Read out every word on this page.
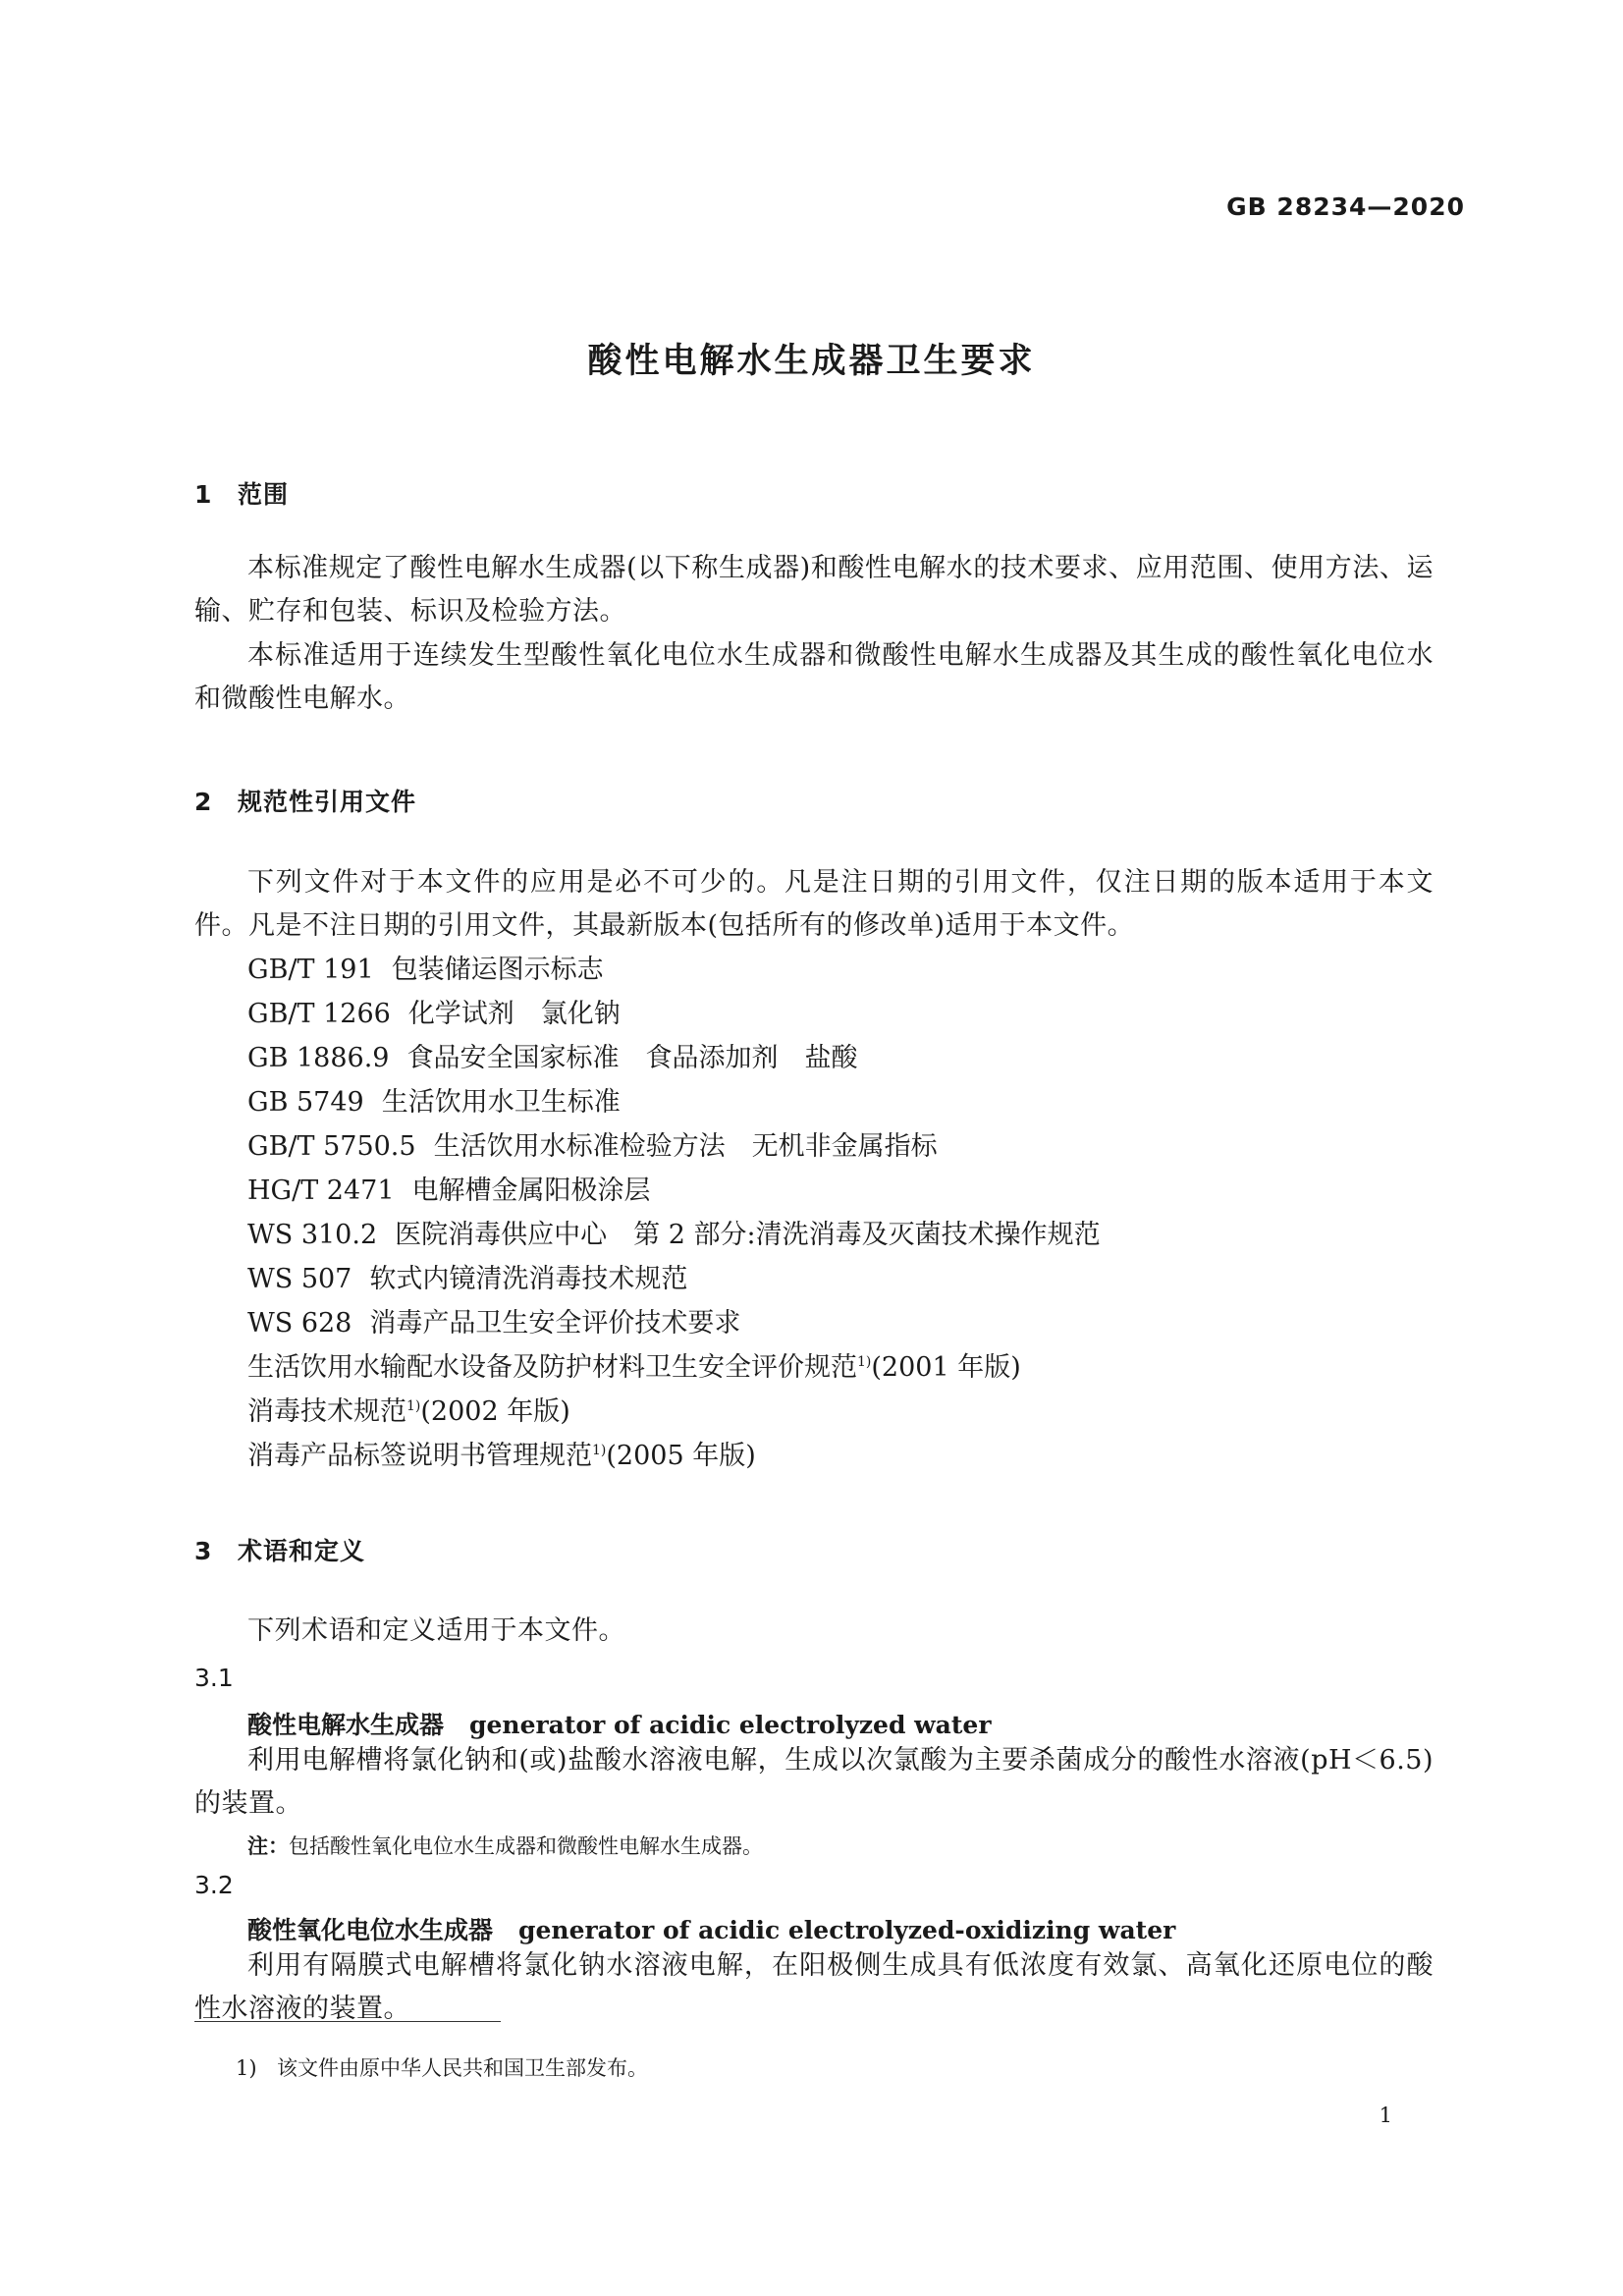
GB 28234—2020
酸性电解水生成器卫生要求
1 范围

本标准规定了酸性电解水生成器(以下称生成器)和酸性电解水的技术要求、应用范围、使用方法、运输、贮存和包装、标识及检验方法。

本标准适用于连续发生型酸性氧化电位水生成器和微酸性电解水生成器及其生成的酸性氧化电位水和微酸性电解水。

2 规范性引用文件

下列文件对于本文件的应用是必不可少的。凡是注日期的引用文件，仅注日期的版本适用于本文件。凡是不注日期的引用文件，其最新版本(包括所有的修改单)适用于本文件。

GB/T 191 包装储运图示标志
GB/T 1266 化学试剂　氯化钠
GB 1886.9 食品安全国家标准　食品添加剂　盐酸
GB 5749 生活饮用水卫生标准
GB/T 5750.5 生活饮用水标准检验方法　无机非金属指标
HG/T 2471 电解槽金属阳极涂层
WS 310.2 医院消毒供应中心　第 2 部分:清洗消毒及灭菌技术操作规范
WS 507 软式内镜清洗消毒技术规范
WS 628 消毒产品卫生安全评价技术要求
生活饮用水输配水设备及防护材料卫生安全评价规范$^{1)}$(2001 年版)
消毒技术规范$^{1)}$(2002 年版)
消毒产品标签说明书管理规范$^{1)}$(2005 年版)
3 术语和定义

下列术语和定义适用于本文件。

3.1
酸性电解水生成器 generator of acidic electrolyzed water

利用电解槽将氯化钠和(或)盐酸水溶液电解，生成以次氯酸为主要杀菌成分的酸性水溶液(pH＜6.5)的装置。

注：包括酸性氧化电位水生成器和微酸性电解水生成器。
3.2
酸性氧化电位水生成器 generator of acidic electrolyzed-oxidizing water

利用有隔膜式电解槽将氯化钠水溶液电解，在阳极侧生成具有低浓度有效氯、高氧化还原电位的酸性水溶液的装置。

1) 该文件由原中华人民共和国卫生部发布。
1
